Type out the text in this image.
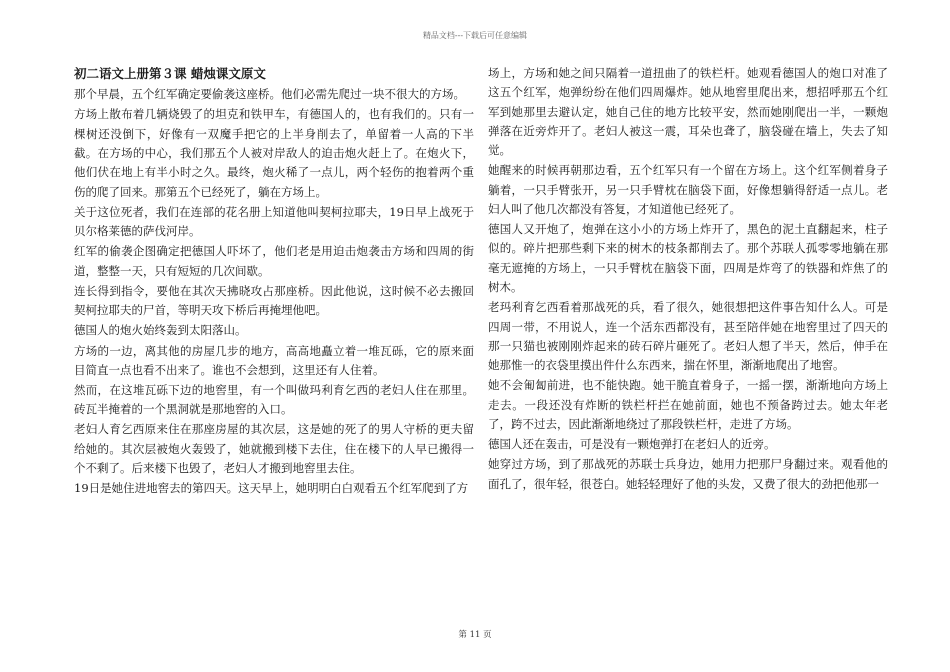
精品文档---下载后可任意编辑

初二语文上册第３课 蜡烛课文原文

那个早晨，五个红军确定要偷袭这座桥。他们必需先爬过一块不很大的方场。

方场上散布着几辆烧毁了的坦克和铁甲车，有德国人的，也有我们的。只有一棵树还没倒下，好像有一双魔手把它的上半身削去了，单留着一人高的下半截。在方场的中心，我们那五个人被对岸敌人的迫击炮火赶上了。在炮火下，他们伏在地上有半小时之久。最终，炮火稀了一点儿，两个轻伤的抱着两个重伤的爬了回来。那第五个已经死了，躺在方场上。

关于这位死者，我们在连部的花名册上知道他叫契柯拉耶夫，19日早上战死于贝尔格莱德的萨伐河岸。

红军的偷袭企图确定把德国人吓坏了，他们老是用迫击炮袭击方场和四周的街道，整整一天，只有短短的几次间歇。

连长得到指令，要他在其次天拂晓攻占那座桥。因此他说，这时候不必去搬回契柯拉耶夫的尸首，等明天攻下桥后再掩埋他吧。

德国人的炮火始终轰到太阳落山。

方场的一边，离其他的房屋几步的地方，高高地矗立着一堆瓦砾，它的原来面目简直一点也看不出来了。谁也不会想到，这里还有人住着。

然而，在这堆瓦砾下边的地窖里，有一个叫做玛利育乞西的老妇人住在那里。砖瓦半掩着的一个黑洞就是那地窖的入口。

老妇人育乞西原来住在那座房屋的其次层，这是她的死了的男人守桥的更夫留给她的。其次层被炮火轰毁了，她就搬到楼下去住，住在楼下的人早已搬得一个不剩了。后来楼下也毁了，老妇人才搬到地窖里去住。

19日是她住进地窖去的第四天。这天早上，她明明白白观看五个红军爬到了方

场上，方场和她之间只隔着一道扭曲了的铁栏杆。她观看德国人的炮口对准了这五个红军，炮弹纷纷在他们四周爆炸。她从地窖里爬出来，想招呼那五个红军到她那里去避认定，她自己住的地方比较平安，然而她刚爬出一半，一颗炮弹落在近旁炸开了。老妇人被这一震，耳朵也聋了，脑袋碰在墙上，失去了知觉。

她醒来的时候再朝那边看，五个红军只有一个留在方场上。这个红军侧着身子躺着，一只手臂张开，另一只手臂枕在脑袋下面，好像想躺得舒适一点儿。老妇人叫了他几次都没有答复，才知道他已经死了。

德国人又开炮了，炮弹在这小小的方场上炸开了，黑色的泥土直翻起来，柱子似的。碎片把那些剩下来的树木的枝条都削去了。那个苏联人孤零零地躺在那毫无遮掩的方场上，一只手臂枕在脑袋下面，四周是炸弯了的铁器和炸焦了的树木。

老玛利育乞西看着那战死的兵，看了很久，她很想把这件事告知什么人。可是四周一带，不用说人，连一个活东西都没有，甚至陪伴她在地窖里过了四天的那一只猫也被刚刚炸起来的砖石碎片砸死了。老妇人想了半天，然后，伸手在她那惟一的衣袋里摸出件什么东西来，揣在怀里，渐渐地爬出了地窖。

她不会匍匐前进，也不能快跑。她干脆直着身子，一摇一摆，渐渐地向方场上走去。一段还没有炸断的铁栏杆拦在她前面，她也不预备跨过去。她太年老了，跨不过去，因此渐渐地绕过了那段铁栏杆，走进了方场。

德国人还在轰击，可是没有一颗炮弹打在老妇人的近旁。

她穿过方场，到了那战死的苏联士兵身边，她用力把那尸身翻过来。观看他的面孔了，很年轻，很苍白。她轻轻理好了他的头发，又费了很大的劲把他那一

第 11 页
